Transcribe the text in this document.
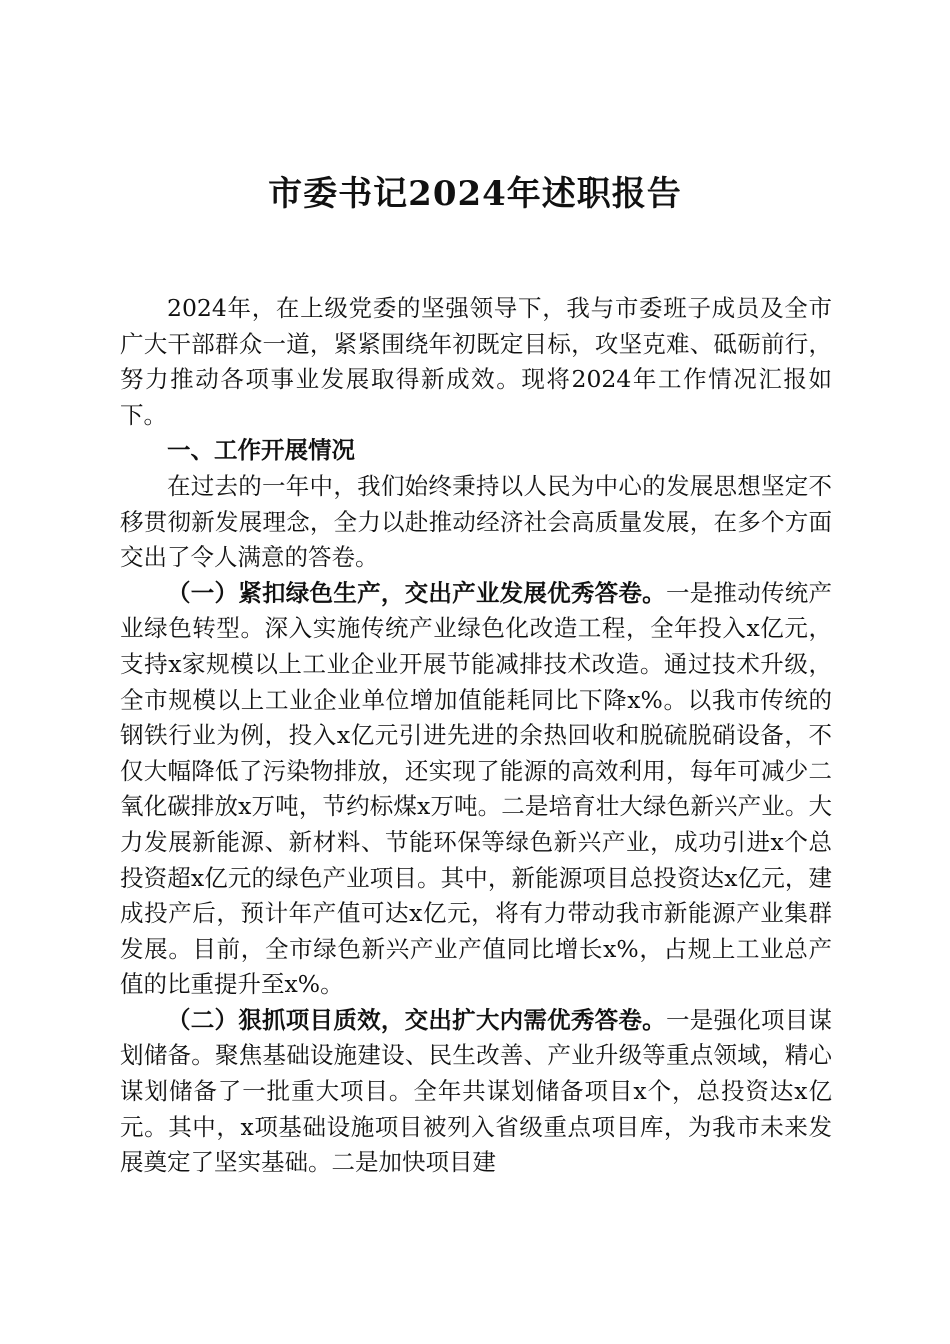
市委书记2024年述职报告

2024年，在上级党委的坚强领导下，我与市委班子成员及全市广大干部群众一道，紧紧围绕年初既定目标，攻坚克难、砥砺前行，努力推动各项事业发展取得新成效。现将2024年工作情况汇报如下。

一、工作开展情况

在过去的一年中，我们始终秉持以人民为中心的发展思想坚定不移贯彻新发展理念，全力以赴推动经济社会高质量发展，在多个方面交出了令人满意的答卷。

（一）紧扣绿色生产，交出产业发展优秀答卷。一是推动传统产业绿色转型。深入实施传统产业绿色化改造工程，全年投入x亿元，支持x家规模以上工业企业开展节能减排技术改造。通过技术升级，全市规模以上工业企业单位增加值能耗同比下降x%。以我市传统的钢铁行业为例，投入x亿元引进先进的余热回收和脱硫脱硝设备，不仅大幅降低了污染物排放，还实现了能源的高效利用，每年可减少二氧化碳排放x万吨，节约标煤x万吨。二是培育壮大绿色新兴产业。大力发展新能源、新材料、节能环保等绿色新兴产业，成功引进x个总投资超x亿元的绿色产业项目。其中，新能源项目总投资达x亿元，建成投产后，预计年产值可达x亿元，将有力带动我市新能源产业集群发展。目前，全市绿色新兴产业产值同比增长x%，占规上工业总产值的比重提升至x%。

（二）狠抓项目质效，交出扩大内需优秀答卷。一是强化项目谋划储备。聚焦基础设施建设、民生改善、产业升级等重点领域，精心谋划储备了一批重大项目。全年共谋划储备项目x个，总投资达x亿元。其中，x项基础设施项目被列入省级重点项目库，为我市未来发展奠定了坚实基础。二是加快项目建
